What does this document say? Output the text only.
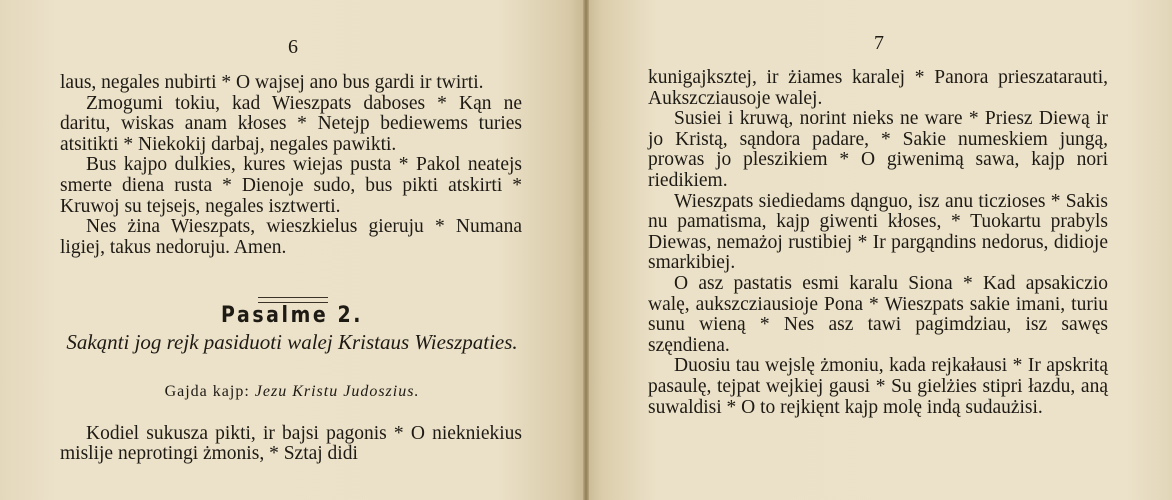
6

laus, negales nubirti * O wajsej ano bus gardi ir twirti.

Zmogumi tokiu, kad Wieszpats daboses * Kąn ne daritu, wiskas anam kłoses * Netejp bediewems turies atsitikti * Niekokij darbaj, negales pawikti.

Bus kajpo dulkies, kures wiejas pusta * Pakol neatejs smerte diena rusta * Dienoje sudo, bus pikti atskirti * Kruwoj su tejsejs, negales isztwerti.

Nes żina Wieszpats, wieszkielus gieruju * Numana ligiej, takus nedoruju. Amen.

Pasalme 2.
Sakąnti jog rejk pasiduoti walej Kristaus Wieszpaties.
Gajda kajp: Jezu Kristu Judoszius.

Kodiel sukusza pikti, ir bajsi pagonis * O niekniekius mislije neprotingi żmonis, * Sztaj didi

7

kunigajksztej, ir żiames karalej * Panora prieszatarauti, Aukszcziausoje walej.

Susiei i kruwą, norint nieks ne ware * Priesz Diewą ir jo Kristą, sąndora padare, * Sakie numeskiem jungą, prowas jo pleszikiem * O giwenimą sawa, kajp nori riedikiem.

Wieszpats siediedams dąnguo, isz anu ticzioses * Sakis nu pamatisma, kajp giwenti kłoses, * Tuokartu prabyls Diewas, nemażoj rustibiej * Ir pargąndins nedorus, didioje smarkibiej.

O asz pastatis esmi karalu Siona * Kad apsakiczio walę, aukszcziausioje Pona * Wieszpats sakie imani, turiu sunu wieną * Nes asz tawi pagimdziau, isz sawęs szęndiena.

Duosiu tau wejslę żmoniu, kada rejkałausi * Ir apskritą pasaulę, tejpat wejkiej gausi * Su gielżies stipri łazdu, aną suwaldisi * O to rejkięnt kajp molę indą sudaużisi.
